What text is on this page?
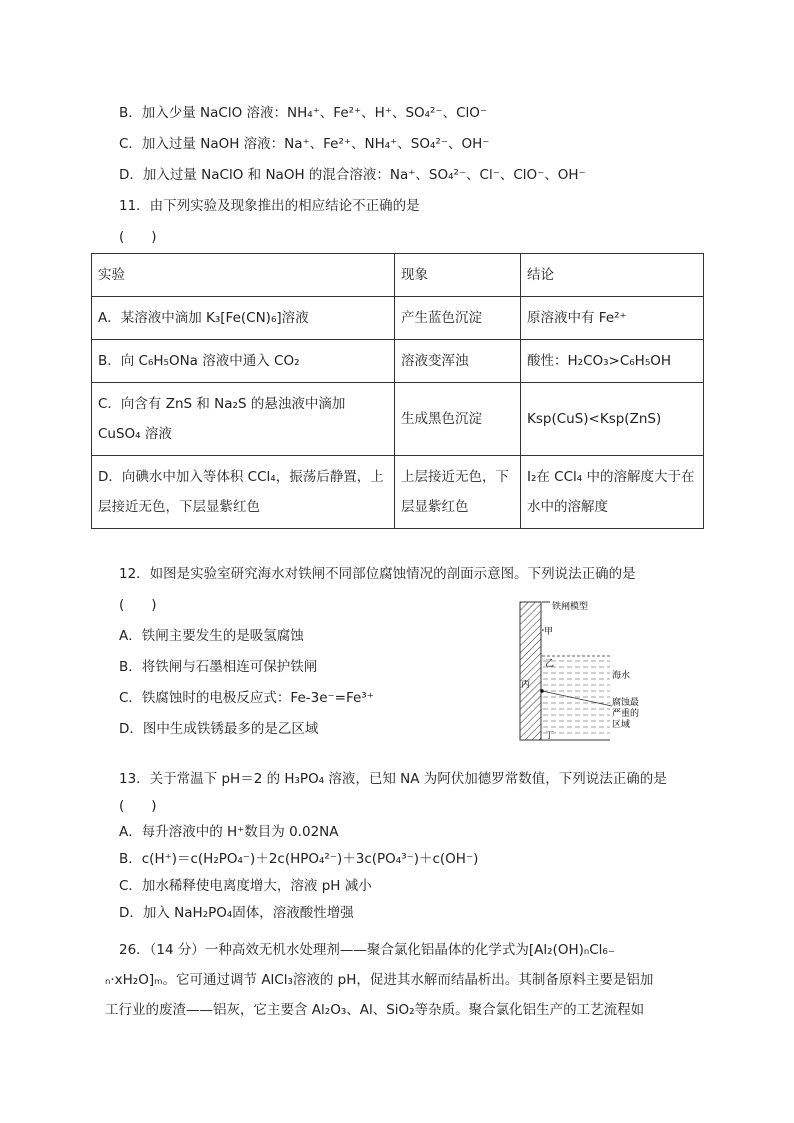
B．加入少量 NaClO 溶液：NH₄⁺、Fe²⁺、H⁺、SO₄²⁻、ClO⁻
C．加入过量 NaOH 溶液：Na⁺、Fe²⁺、NH₄⁺、SO₄²⁻、OH⁻
D．加入过量 NaClO 和 NaOH 的混合溶液：Na⁺、SO₄²⁻、Cl⁻、ClO⁻、OH⁻
11．由下列实验及现象推出的相应结论不正确的是
(　　)
实验	现象	结论
A．某溶液中滴加 K₃[Fe(CN)₆]溶液	产生蓝色沉淀	原溶液中有 Fe²⁺
B．向 C₆H₅ONa 溶液中通入 CO₂	溶液变浑浊	酸性：H₂CO₃>C₆H₅OH
C．向含有 ZnS 和 Na₂S 的悬浊液中滴加 CuSO₄ 溶液	生成黑色沉淀	Ksp(CuS)<Ksp(ZnS)
D．向碘水中加入等体积 CCl₄，振荡后静置，上层接近无色，下层显紫红色	上层接近无色，下层显紫红色	I₂在 CCl₄ 中的溶解度大于在水中的溶解度
12．如图是实验室研究海水对铁闸不同部位腐蚀情况的剖面示意图。下列说法正确的是
(　　)
A．铁闸主要发生的是吸氢腐蚀
B．将铁闸与石墨相连可保护铁闸
C．铁腐蚀时的电极反应式：Fe-3e⁻=Fe³⁺
D．图中生成铁锈最多的是乙区域
铁闸模型
甲
乙
海水
丙
腐蚀最
严重的
区域
丁
13．关于常温下 pH＝2 的 H₃PO₄ 溶液，已知 NA 为阿伏加德罗常数值，下列说法正确的是
(　　)
A．每升溶液中的 H⁺数目为 0.02NA
B．c(H⁺)＝c(H₂PO₄⁻)＋2c(HPO₄²⁻)＋3c(PO₄³⁻)＋c(OH⁻)
C．加水稀释使电离度增大，溶液 pH 减小
D．加入 NaH₂PO₄固体，溶液酸性增强
26．（14 分）一种高效无机水处理剂——聚合氯化铝晶体的化学式为[Al₂(OH)ₙCl₆₋
ₙ·xH₂O]ₘ。它可通过调节 AlCl₃溶液的 pH，促进其水解而结晶析出。其制备原料主要是铝加
工行业的废渣——铝灰，它主要含 Al₂O₃、Al、SiO₂等杂质。聚合氯化铝生产的工艺流程如
